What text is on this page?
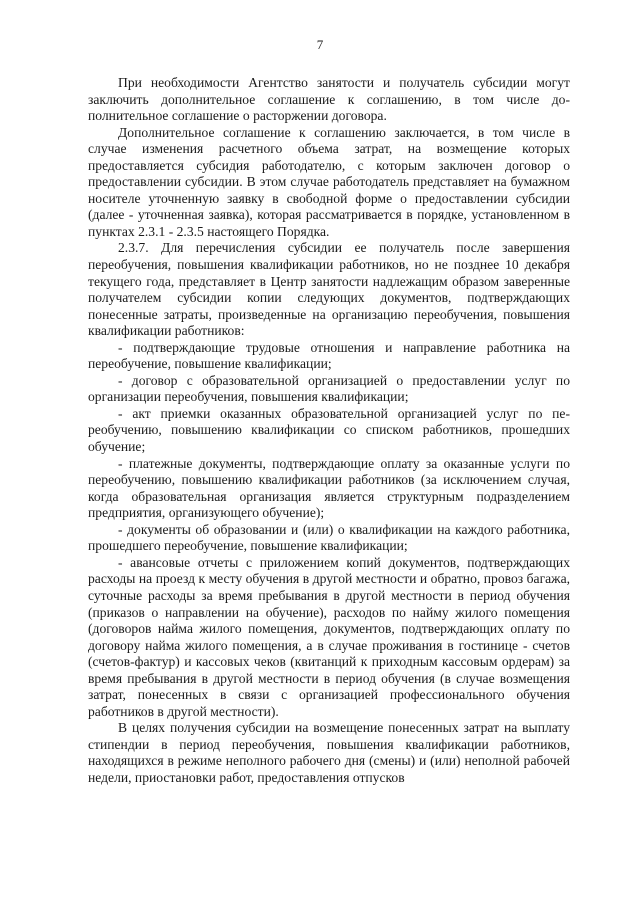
7

При необходимости Агентство занятости и получатель субсидии могут заключить дополнительное соглашение к соглашению, в том числе дополнительное соглашение о расторжении договора.

Дополнительное соглашение к соглашению заключается, в том числе в случае изменения расчетного объема затрат, на возмещение которых предоставляется субсидия работодателю, с которым заключен договор о предоставлении субсидии. В этом случае работодатель представляет на бумажном носителе уточненную заявку в свободной форме о предоставлении субсидии (далее - уточненная заявка), которая рассматривается в порядке, установленном в пунктах 2.3.1 - 2.3.5 настоящего Порядка.

2.3.7. Для перечисления субсидии ее получатель после завершения переобучения, повышения квалификации работников, но не позднее 10 декабря текущего года, представляет в Центр занятости надлежащим образом заверенные получателем субсидии копии следующих документов, подтверждающих понесенные затраты, произведенные на организацию переобучения, повышения квалификации работников:

- подтверждающие трудовые отношения и направление работника на переобучение, повышение квалификации;

- договор с образовательной организацией о предоставлении услуг по организации переобучения, повышения квалификации;

- акт приемки оказанных образовательной организацией услуг по переобучению, повышению квалификации со списком работников, прошедших обучение;

- платежные документы, подтверждающие оплату за оказанные услуги по переобучению, повышению квалификации работников (за исключением случая, когда образовательная организация является структурным подразделением предприятия, организующего обучение);

- документы об образовании и (или) о квалификации на каждого работника, прошедшего переобучение, повышение квалификации;

- авансовые отчеты с приложением копий документов, подтверждающих расходы на проезд к месту обучения в другой местности и обратно, провоз багажа, суточные расходы за время пребывания в другой местности в период обучения (приказов о направлении на обучение), расходов по найму жилого помещения (договоров найма жилого помещения, документов, подтверждающих оплату по договору найма жилого помещения, а в случае проживания в гостинице - счетов (счетов-фактур) и кассовых чеков (квитанций к приходным кассовым ордерам) за время пребывания в другой местности в период обучения (в случае возмещения затрат, понесенных в связи с организацией профессионального обучения работников в другой местности).

В целях получения субсидии на возмещение понесенных затрат на выплату стипендии в период переобучения, повышения квалификации работников, находящихся в режиме неполного рабочего дня (смены) и (или) неполной рабочей недели, приостановки работ, предоставления отпусков
